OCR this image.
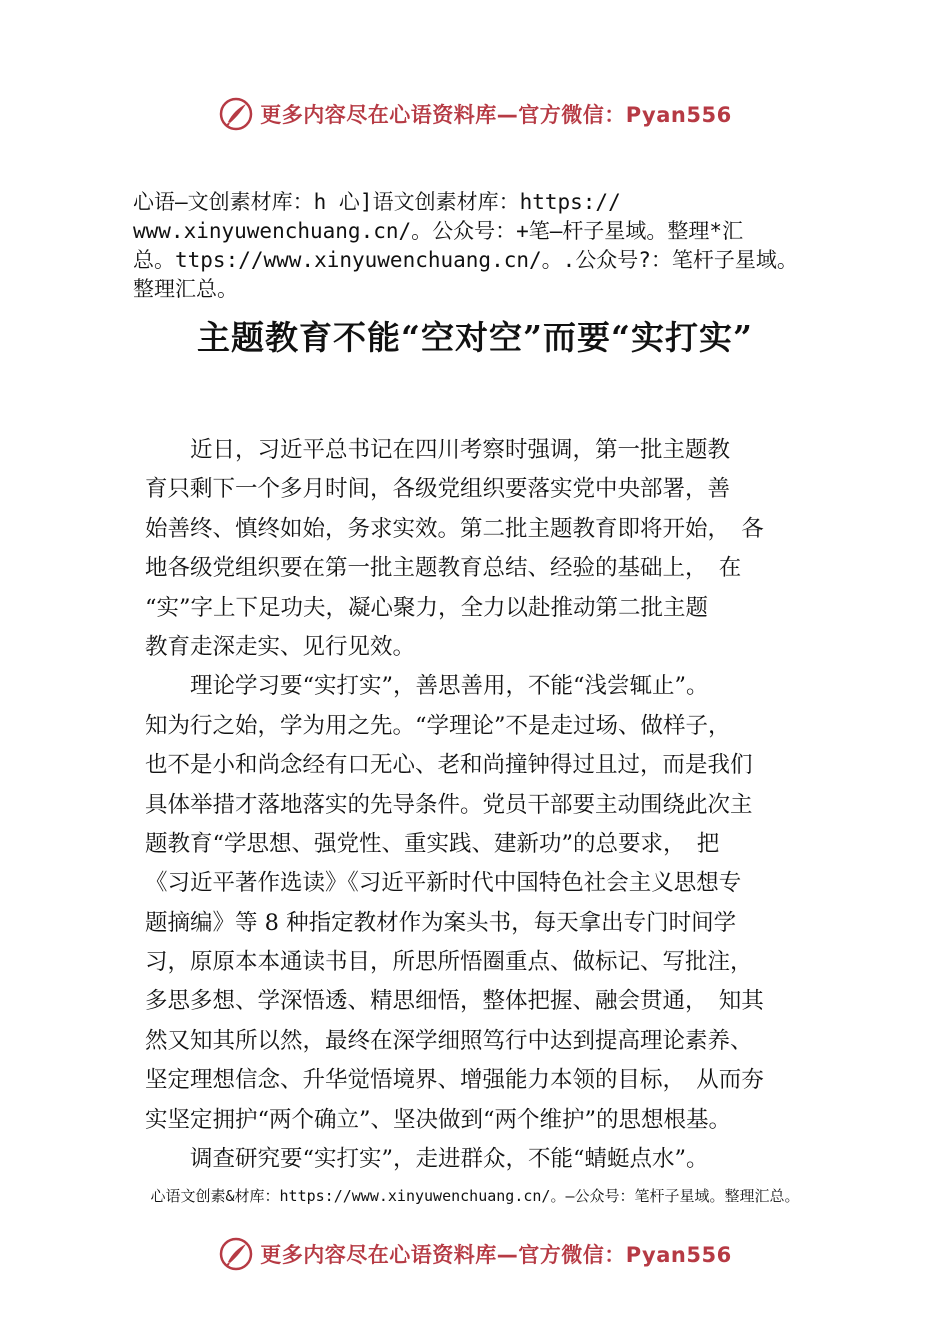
更多内容尽在心语资料库—官方微信：Pyan556
心语—文创素材库：h 心]语文创素材库：https://
www.xinyuwenchuang.cn/。公众号：+笔—杆子星域。整理*汇
总。ttps://www.xinyuwenchuang.cn/。.公众号?：笔杆子星域。
整理汇总。
主题教育不能“空对空”而要“实打实”
　　近日，习近平总书记在四川考察时强调，第一批主题教
育只剩下一个多月时间，各级党组织要落实党中央部署，善
始善终、慎终如始，务求实效。第二批主题教育即将开始，　各
地各级党组织要在第一批主题教育总结、经验的基础上，　在
“实”字上下足功夫，凝心聚力，全力以赴推动第二批主题
教育走深走实、见行见效。
　　理论学习要“实打实”，善思善用，不能“浅尝辄止”。
知为行之始，学为用之先。“学理论”不是走过场、做样子，
也不是小和尚念经有口无心、老和尚撞钟得过且过，而是我们
具体举措才落地落实的先导条件。党员干部要主动围绕此次主
题教育“学思想、强党性、重实践、建新功”的总要求，　把
《习近平著作选读》《习近平新时代中国特色社会主义思想专
题摘编》等 8 种指定教材作为案头书，每天拿出专门时间学
习，原原本本通读书目，所思所悟圈重点、做标记、写批注，
多思多想、学深悟透、精思细悟，整体把握、融会贯通，　知其
然又知其所以然，最终在深学细照笃行中达到提高理论素养、
坚定理想信念、升华觉悟境界、增强能力本领的目标，　从而夯
实坚定拥护“两个确立”、坚决做到“两个维护”的思想根基。
　　调查研究要“实打实”，走进群众，不能“蜻蜓点水”。
心语文创素&材库：https://www.xinyuwenchuang.cn/。—公众号：笔杆子星域。整理汇总。
更多内容尽在心语资料库—官方微信：Pyan556
